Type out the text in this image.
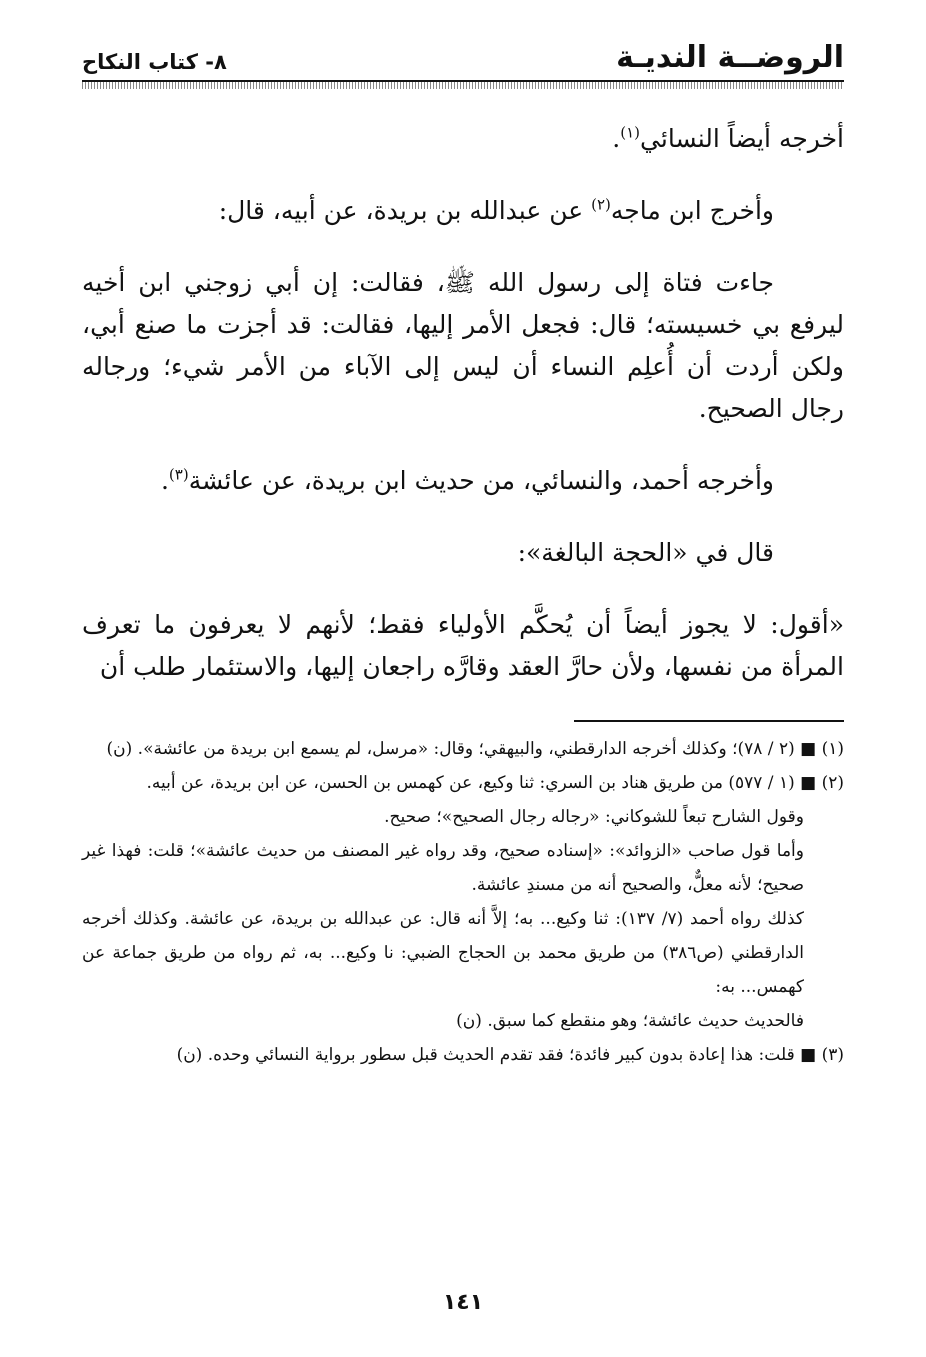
الروضــة النديـة
٨- كتاب النكاح

أخرجه أيضاً النسائي$^{(١)}$.

وأخرج ابن ماجه$^{(٢)}$ عن عبدالله بن بريدة، عن أبيه، قال:

جاءت فتاة إلى رسول الله ﷺ، فقالت: إن أبي زوجني ابن أخيه ليرفع بي خسيسته؛ قال: فجعل الأمر إليها، فقالت: قد أجزت ما صنع أبي، ولكن أردت أن أُعلِم النساء أن ليس إلى الآباء من الأمر شيء؛ ورجاله رجال الصحيح.

وأخرجه أحمد، والنسائي، من حديث ابن بريدة، عن عائشة$^{(٣)}$.

قال في «الحجة البالغة»:

«أقول: لا يجوز أيضاً أن يُحكَّم الأولياء فقط؛ لأنهم لا يعرفون ما تعرف المرأة من نفسها، ولأن حارَّ العقد وقارَّه راجعان إليها، والاستئمار طلب أن

(١) ■ (٢ / ٧٨)؛ وكذلك أخرجه الدارقطني، والبيهقي؛ وقال: «مرسل، لم يسمع ابن بريدة من عائشة». (ن)

(٢) ■ (١ / ٥٧٧) من طريق هناد بن السري: ثنا وكيع، عن كهمس بن الحسن، عن ابن بريدة، عن أبيه.

وقول الشارح تبعاً للشوكاني: «رجاله رجال الصحيح»؛ صحيح.

وأما قول صاحب «الزوائد»: «إسناده صحيح، وقد رواه غير المصنف من حديث عائشة»؛ قلت: فهذا غير صحيح؛ لأنه معلٌّ، والصحيح أنه من مسندِ عائشة.

كذلك رواه أحمد (٧/ ١٣٧): ثنا وكيع... به؛ إلاَّ أنه قال: عن عبدالله بن بريدة، عن عائشة. وكذلك أخرجه الدارقطني (ص٣٨٦) من طريق محمد بن الحجاج الضبي: نا وكيع... به، ثم رواه من طريق جماعة عن كهمس... به:

فالحديث حديث عائشة؛ وهو منقطع كما سبق. (ن)

(٣) ■ قلت: هذا إعادة بدون كبير فائدة؛ فقد تقدم الحديث قبل سطور برواية النسائي وحده. (ن)

١٤١
